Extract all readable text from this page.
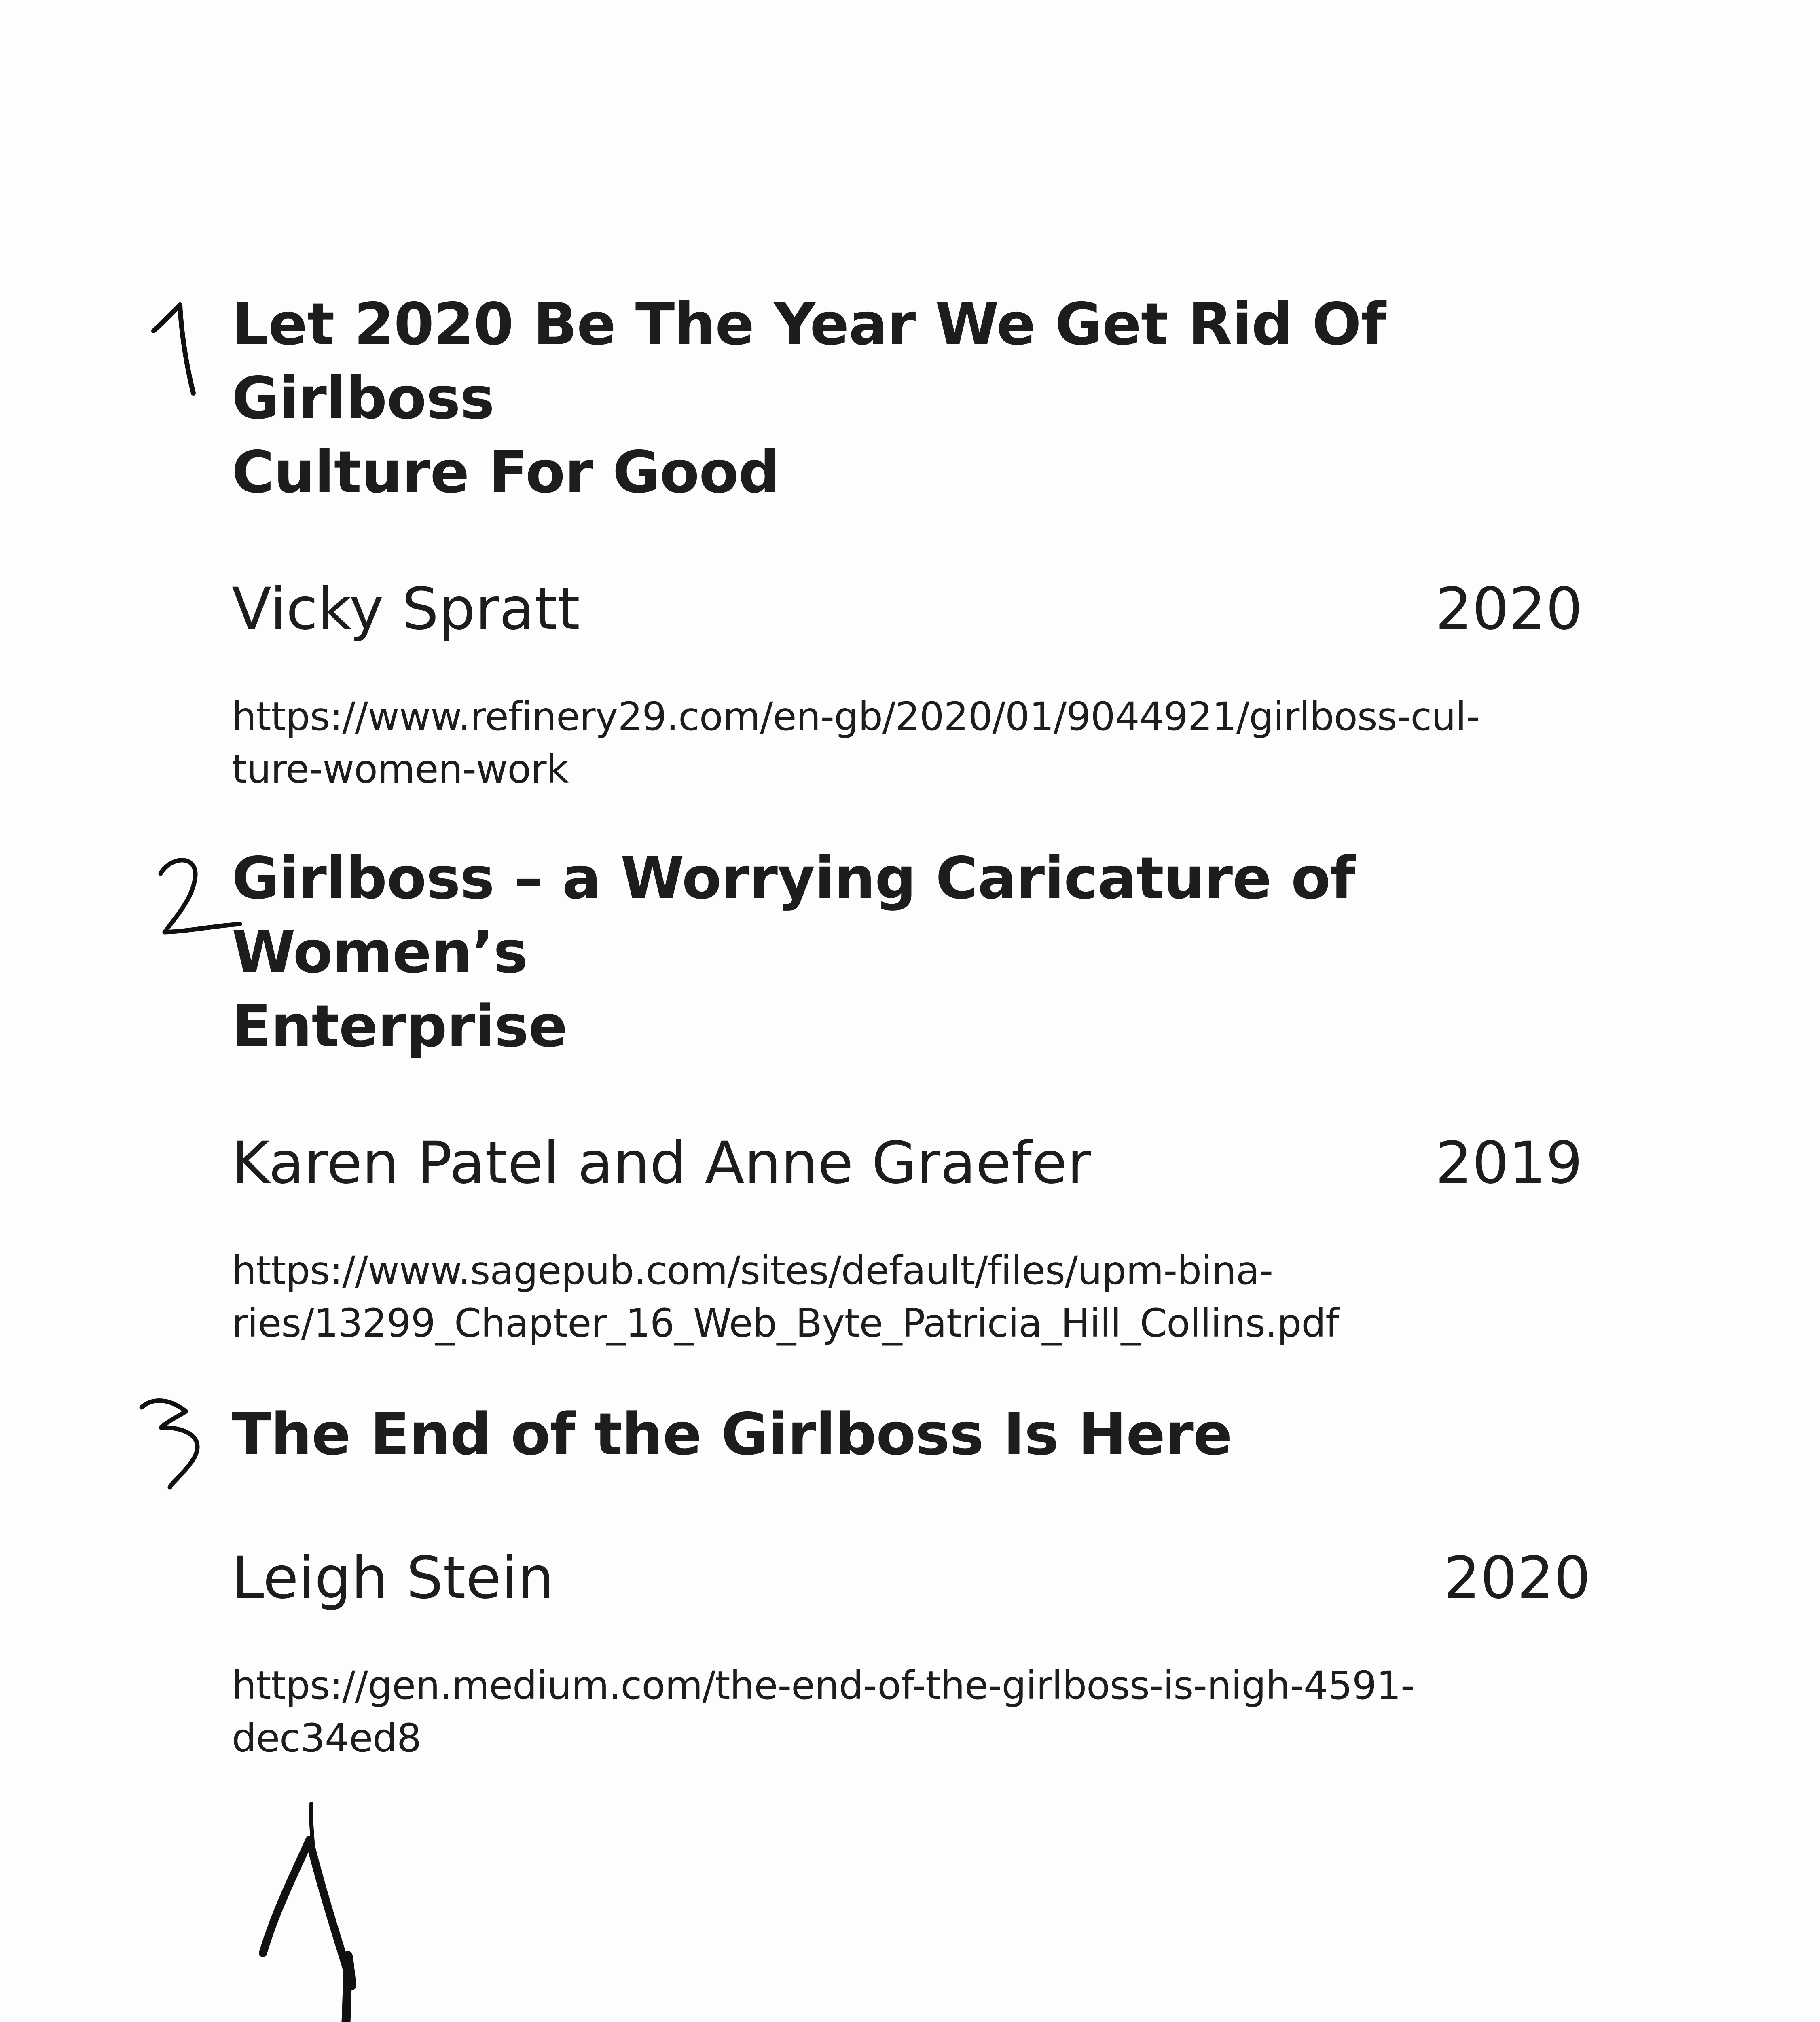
Let 2020 Be The Year We Get Rid Of Girlboss
Culture For Good
Vicky Spratt	2020

https://www.refinery29.com/en-gb/2020/01/9044921/girlboss-cul-
ture-women-work

Girlboss – a Worrying Caricature of Women’s
Enterprise
Karen Patel and Anne Graefer	2019

https://www.sagepub.com/sites/default/files/upm-bina-
ries/13299_Chapter_16_Web_Byte_Patricia_Hill_Collins.pdf

The End of the Girlboss Is Here
Leigh Stein	2020

https://gen.medium.com/the-end-of-the-girlboss-is-nigh-4591-
dec34ed8
